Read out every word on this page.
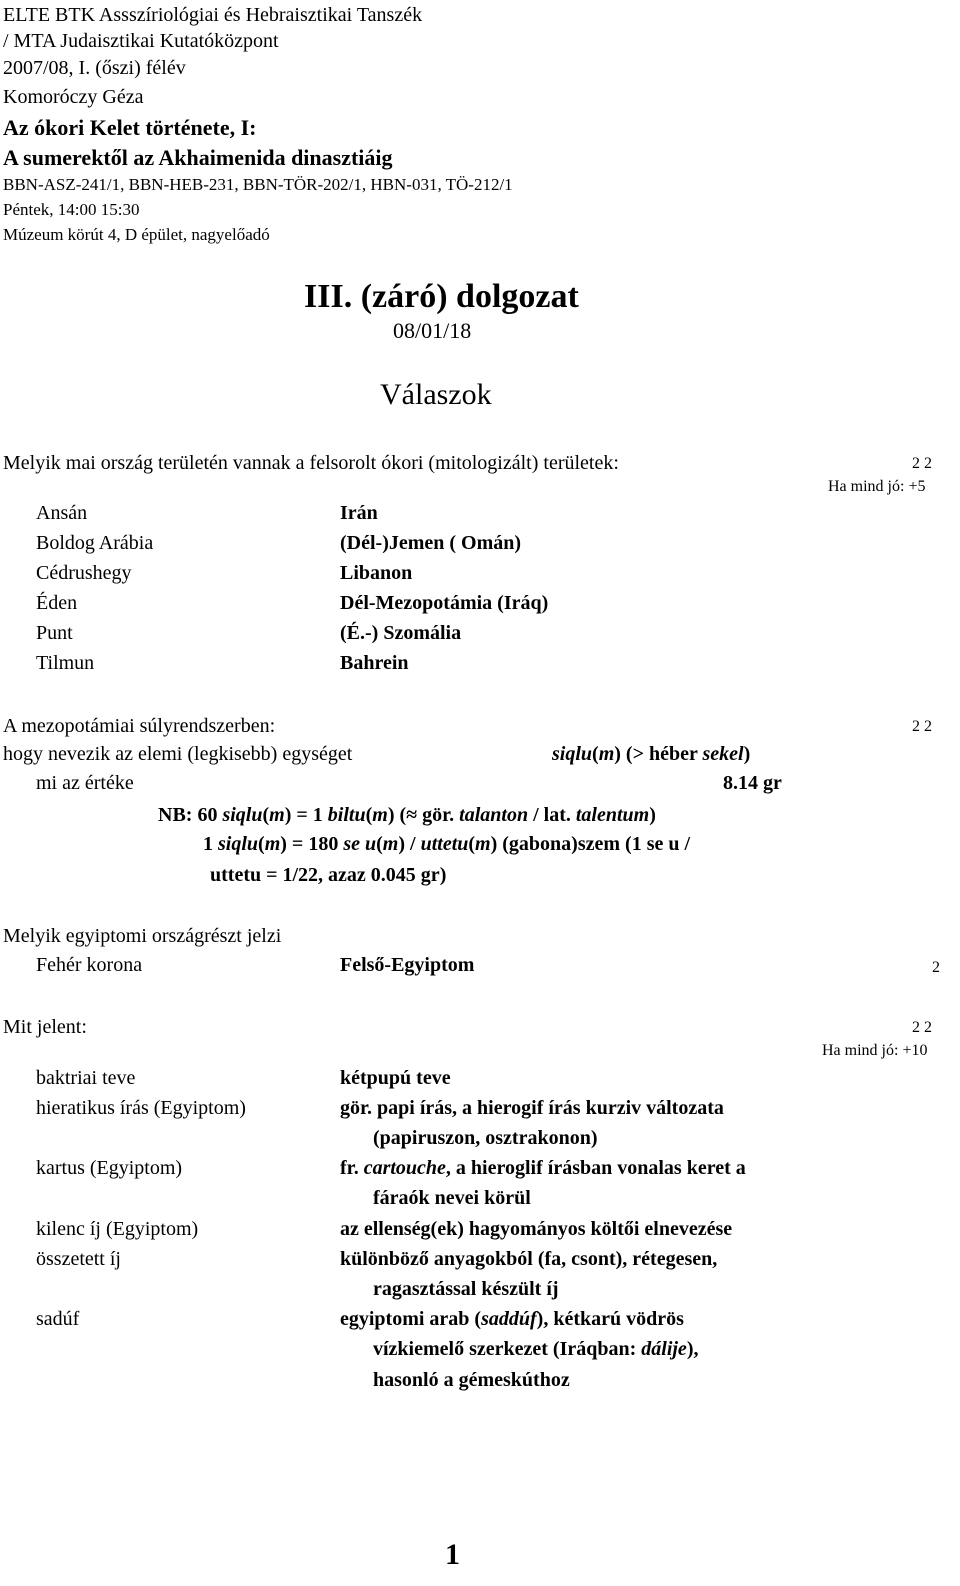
ELTE BTK Assszíriológiai és Hebraisztikai Tanszék
/ MTA Judaisztikai Kutatóközpont
2007/08, I. (őszi) félév
Komoróczy Géza
Az ókori Kelet története, I:
A sumerektől az Akhaimenida dinasztiáig
BBN-ASZ-241/1, BBN-HEB-231, BBN-TÖR-202/1, HBN-031, TÖ-212/1
Péntek, 14:00 15:30
Múzeum körút 4, D épület, nagyelőadó
III. (záró) dolgozat
08/01/18
Válaszok
Melyik mai ország területén vannak a felsorolt ókori (mitologizált) területek:	2 2
Ha mind jó: +5
Ansán	Irán
Boldog Arábia	(Dél-)Jemen ( Omán)
Cédrushegy	Libanon
Éden	Dél-Mezopotámia (Iráq)
Punt	(É.-) Szomália
Tilmun	Bahrein
A mezopotámiai súlyrendszerben:	2 2
hogy nevezik az elemi (legkisebb) egységet	siqlu(m) (> héber sekel)
mi az értéke	8.14 gr
NB: 60 siqlu(m) = 1 biltu(m) (≈ gör. talanton / lat. talentum)
1 siqlu(m) = 180 se u(m) / uttetu(m) (gabona)szem (1 se u /
uttetu = 1/22, azaz 0.045 gr)
Melyik egyiptomi országrészt jelzi
Fehér korona	Felső-Egyiptom	2
Mit jelent:	2 2
Ha mind jó: +10
baktriai teve	kétpupú teve
hieratikus írás (Egyiptom)	gör. papi írás, a hierogif írás kurziv változata
(papiruszon, osztrakonon)
kartus (Egyiptom)	fr. cartouche, a hieroglif írásban vonalas keret a
fáraók nevei körül
kilenc íj (Egyiptom)	az ellenség(ek) hagyományos költői elnevezése
összetett íj	különböző anyagokból (fa, csont), rétegesen,
ragasztással készült íj
sadúf	egyiptomi arab (saddúf), kétkarú vödrös
vízkiemelő szerkezet (Iráqban: dálije),
hasonló a gémeskúthoz
1
